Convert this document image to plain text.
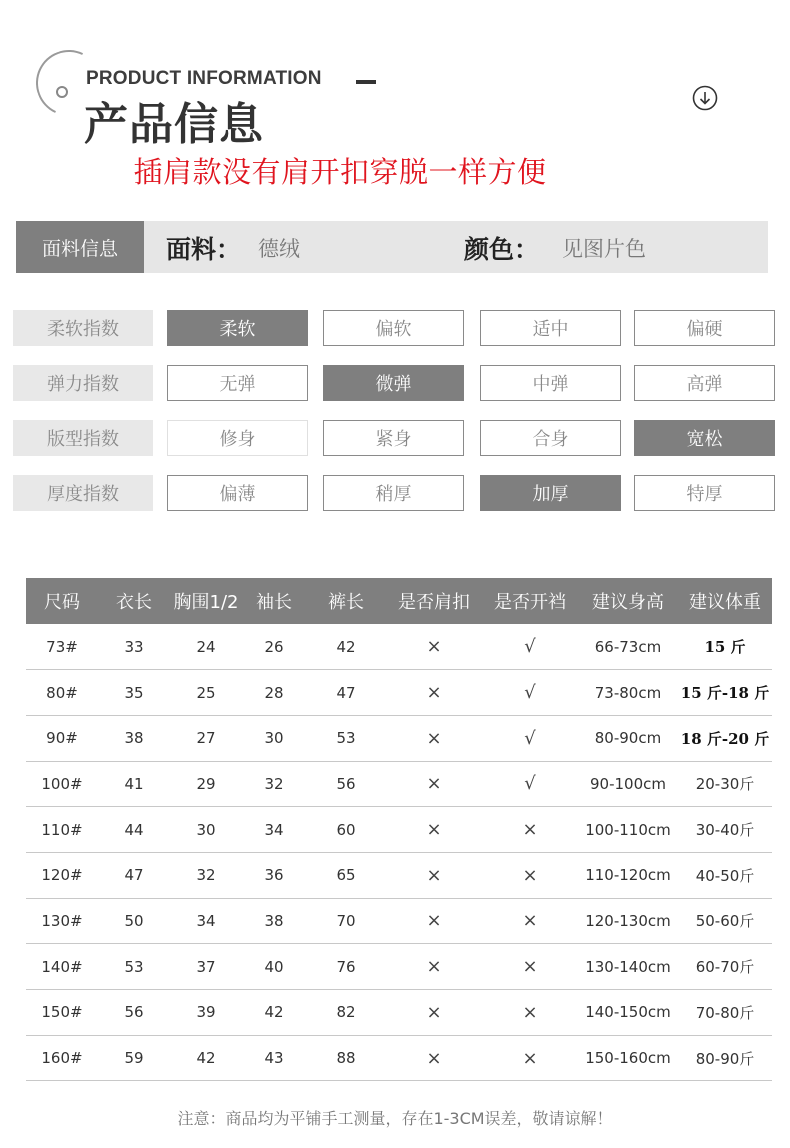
PRODUCT INFORMATION
产品信息
插肩款没有肩开扣穿脱一样方便
面料信息	面料： 德绒	颜色： 见图片色
柔软指数	柔软	偏软	适中	偏硬
弹力指数	无弹	微弹	中弹	高弹
版型指数	修身	紧身	合身	宽松
厚度指数	偏薄	稍厚	加厚	特厚
尺码	衣长	胸围1/2	袖长	裤长	是否肩扣	是否开裆	建议身高	建议体重
73#	33	24	26	42	×	√	66-73cm	15 斤
80#	35	25	28	47	×	√	73-80cm	15 斤-18 斤
90#	38	27	30	53	×	√	80-90cm	18 斤-20 斤
100#	41	29	32	56	×	√	90-100cm	20-30斤
110#	44	30	34	60	×	×	100-110cm	30-40斤
120#	47	32	36	65	×	×	110-120cm	40-50斤
130#	50	34	38	70	×	×	120-130cm	50-60斤
140#	53	37	40	76	×	×	130-140cm	60-70斤
150#	56	39	42	82	×	×	140-150cm	70-80斤
160#	59	42	43	88	×	×	150-160cm	80-90斤
注意：商品均为平铺手工测量，存在1-3CM误差，敬请谅解！
